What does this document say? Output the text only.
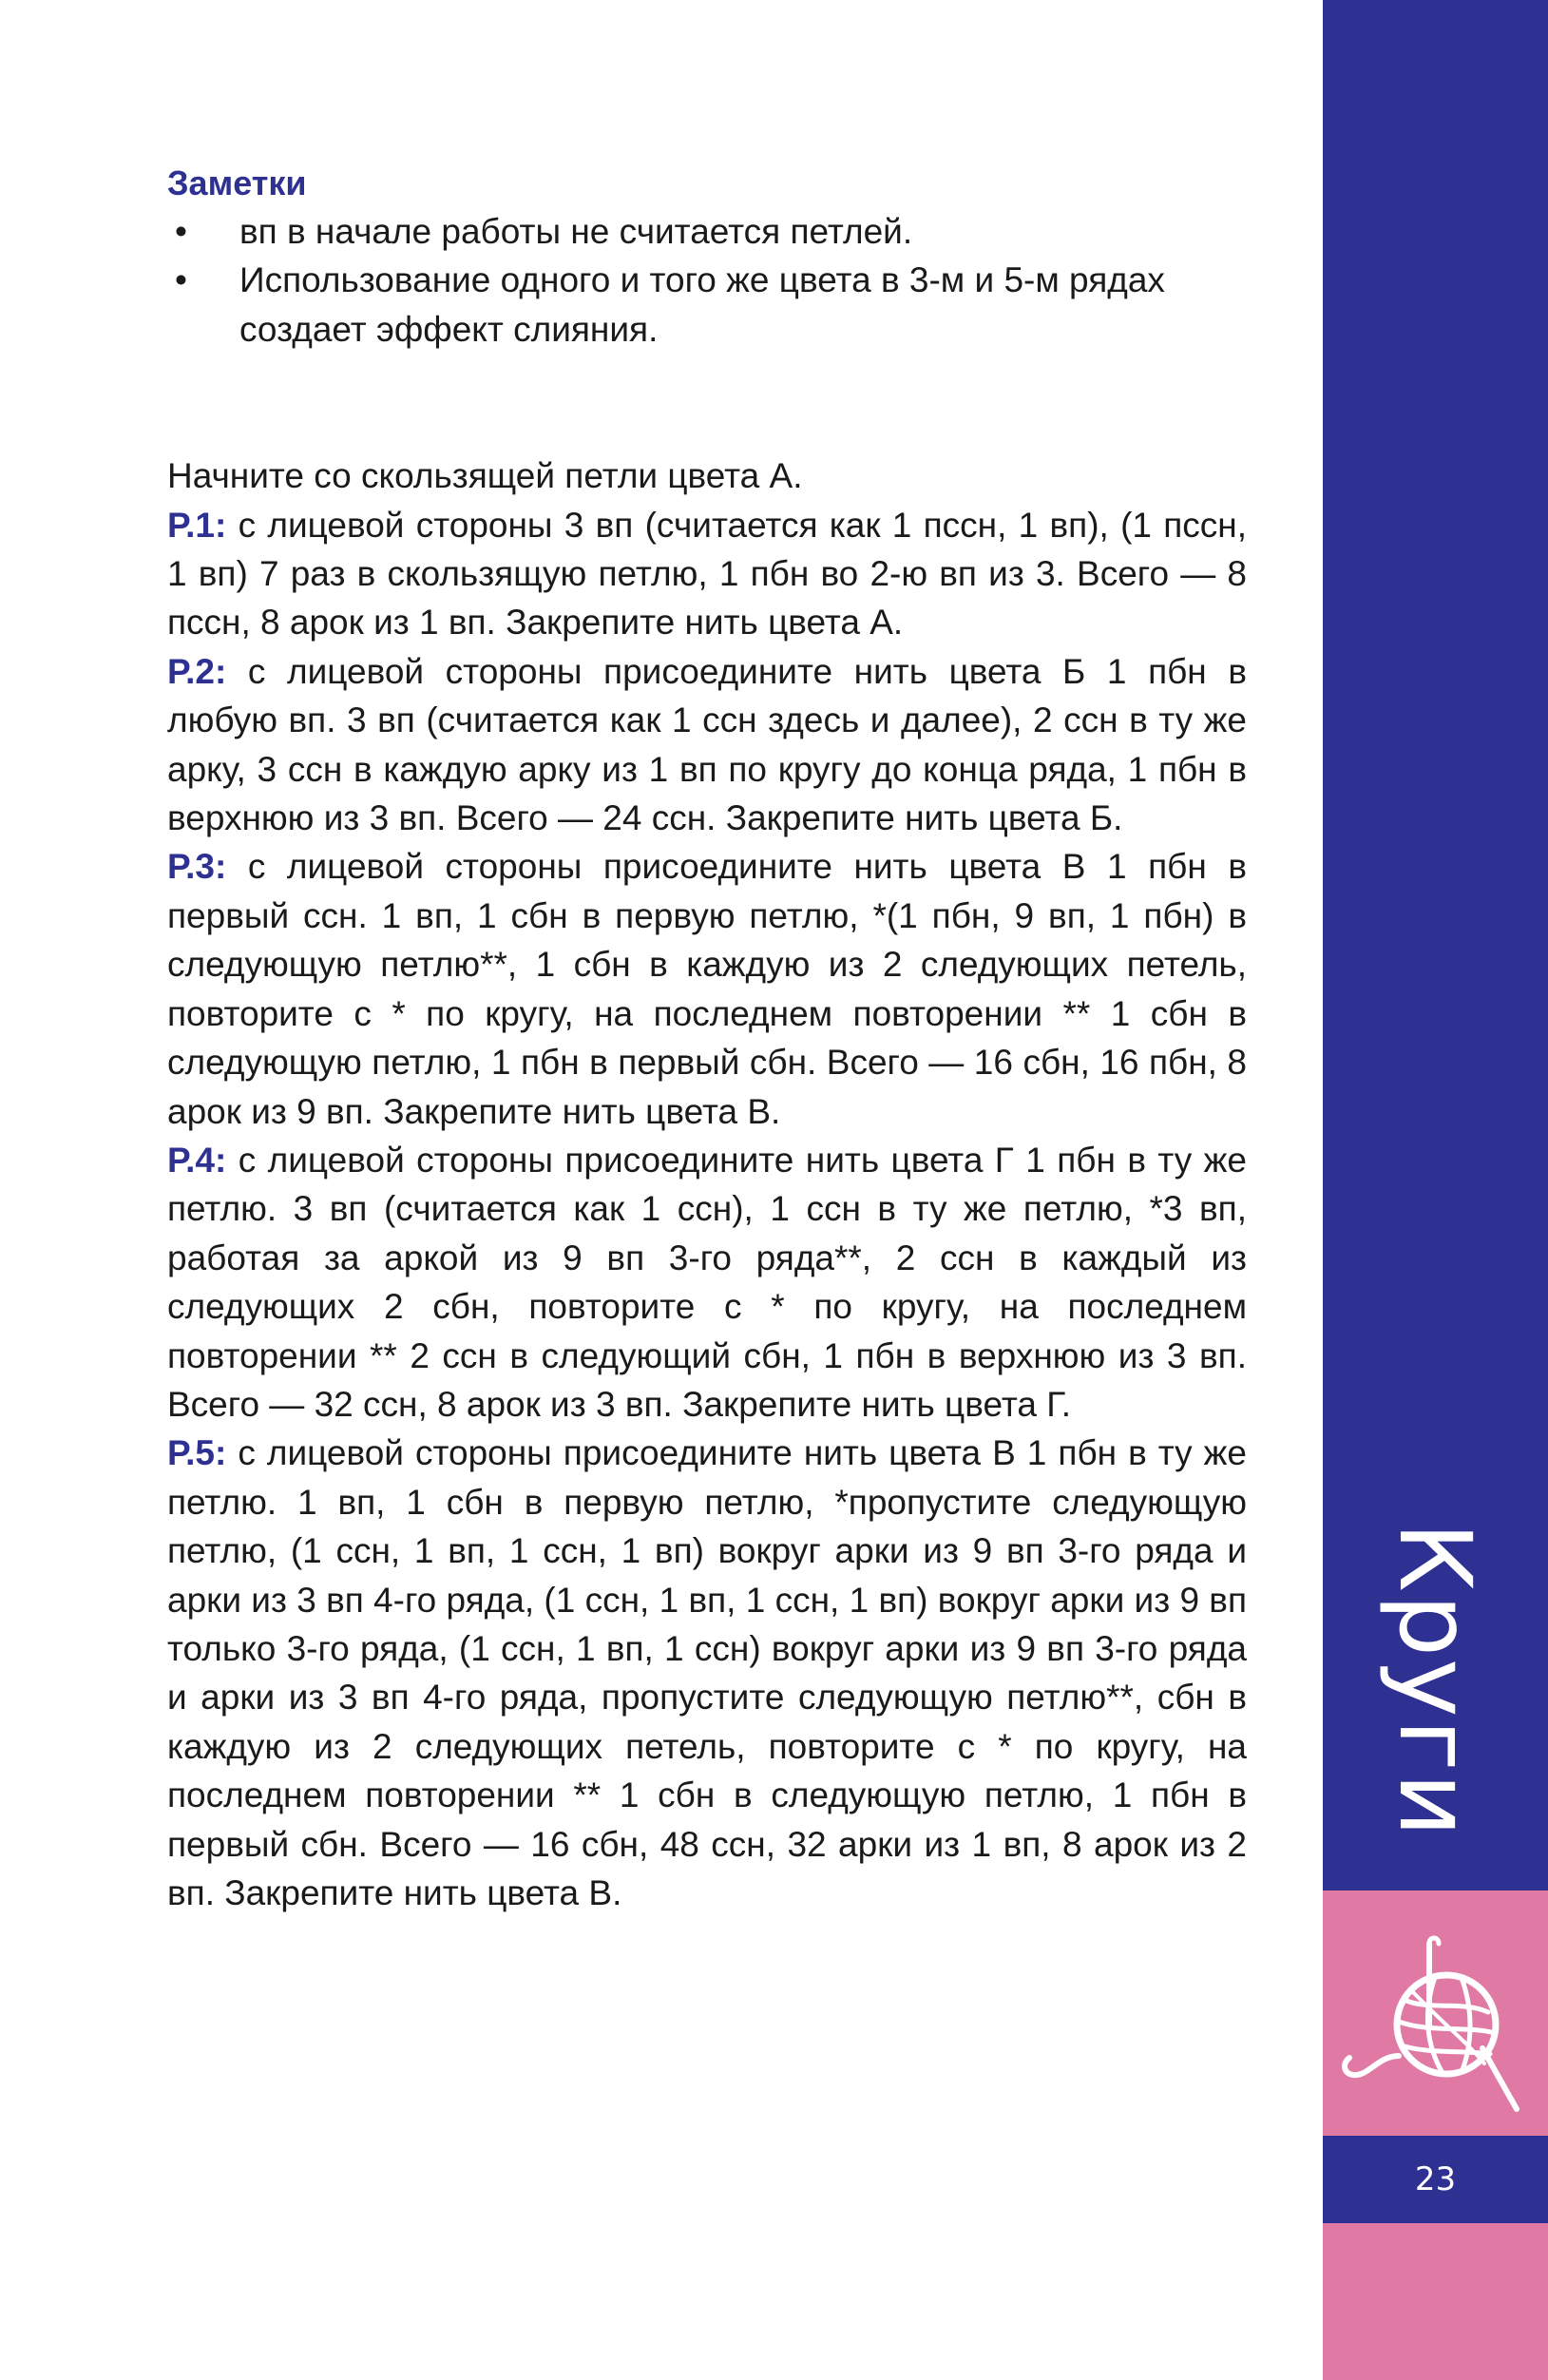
Заметки
•	вп в начале работы не считается петлей.
•	Использование одного и того же цвета в 3-м и 5-м рядах создает эффект слияния.

Начните со скользящей петли цвета А.

Р.1: с лицевой стороны 3 вп (считается как 1 пссн, 1 вп), (1 пссн, 1 вп) 7 раз в скользящую петлю, 1 пбн во 2-ю вп из 3. Всего — 8 пссн, 8 арок из 1 вп. Закрепите нить цвета А.

Р.2: с лицевой стороны присоедините нить цвета Б 1 пбн в любую вп. 3 вп (считается как 1 ссн здесь и далее), 2 ссн в ту же арку, 3 ссн в каждую арку из 1 вп по кругу до конца ряда, 1 пбн в верхнюю из 3 вп. Всего — 24 ссн. Закрепите нить цвета Б.

Р.3: с лицевой стороны присоедините нить цвета В 1 пбн в первый ссн. 1 вп, 1 сбн в первую петлю, *(1 пбн, 9 вп, 1 пбн) в следующую петлю**, 1 сбн в каждую из 2 следующих петель, повторите с * по кругу, на последнем повторении ** 1 сбн в следующую петлю, 1 пбн в первый сбн. Всего — 16 сбн, 16 пбн, 8 арок из 9 вп. Закрепите нить цвета В.

Р.4: с лицевой стороны присоедините нить цвета Г 1 пбн в ту же петлю. 3 вп (считается как 1 ссн), 1 ссн в ту же петлю, *3 вп, работая за аркой из 9 вп 3-го ряда**, 2 ссн в каждый из следующих 2 сбн, повторите с * по кругу, на последнем повторении ** 2 ссн в следующий сбн, 1 пбн в верхнюю из 3 вп. Всего — 32 ссн, 8 арок из 3 вп. Закрепите нить цвета Г.

Р.5: с лицевой стороны присоедините нить цвета В 1 пбн в ту же петлю. 1 вп, 1 сбн в первую петлю, *пропустите следующую петлю, (1 ссн, 1 вп, 1 ссн, 1 вп) вокруг арки из 9 вп 3-го ряда и арки из 3 вп 4-го ряда, (1 ссн, 1 вп, 1 ссн, 1 вп) вокруг арки из 9 вп только 3-го ряда, (1 ссн, 1 вп, 1 ссн) вокруг арки из 9 вп 3-го ряда и арки из 3 вп 4-го ряда, пропустите следующую петлю**, сбн в каждую из 2 следующих петель, повторите с * по кругу, на последнем повторении ** 1 сбн в следующую петлю, 1 пбн в первый сбн. Всего — 16 сбн, 48 ссн, 32 арки из 1 вп, 8 арок из 2 вп. Закрепите нить цвета В.

Круги
23
